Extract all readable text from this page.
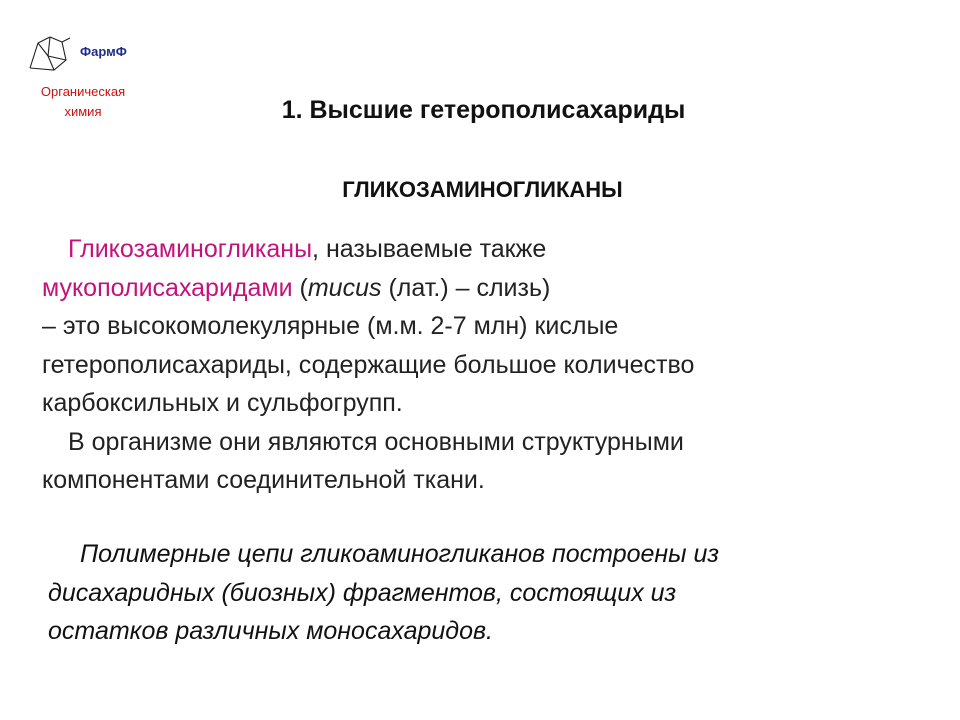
ФармФ
Органическая
химия	1. Высшие гетерополисахариды
ГЛИКОЗАМИНОГЛИКАНЫ

Гликозаминогликаны, называемые также

мукополисахаридами (mucus (лат.) – слизь)

– это высокомолекулярные (м.м. 2-7 млн) кислые

гетерополисахариды, содержащие большое количество

карбоксильных и сульфогрупп.

В организме они являются основными структурными

компонентами соединительной ткани.

Полимерные цепи гликоаминогликанов построены из
дисахаридных (биозных) фрагментов, состоящих из
остатков различных моносахаридов.
